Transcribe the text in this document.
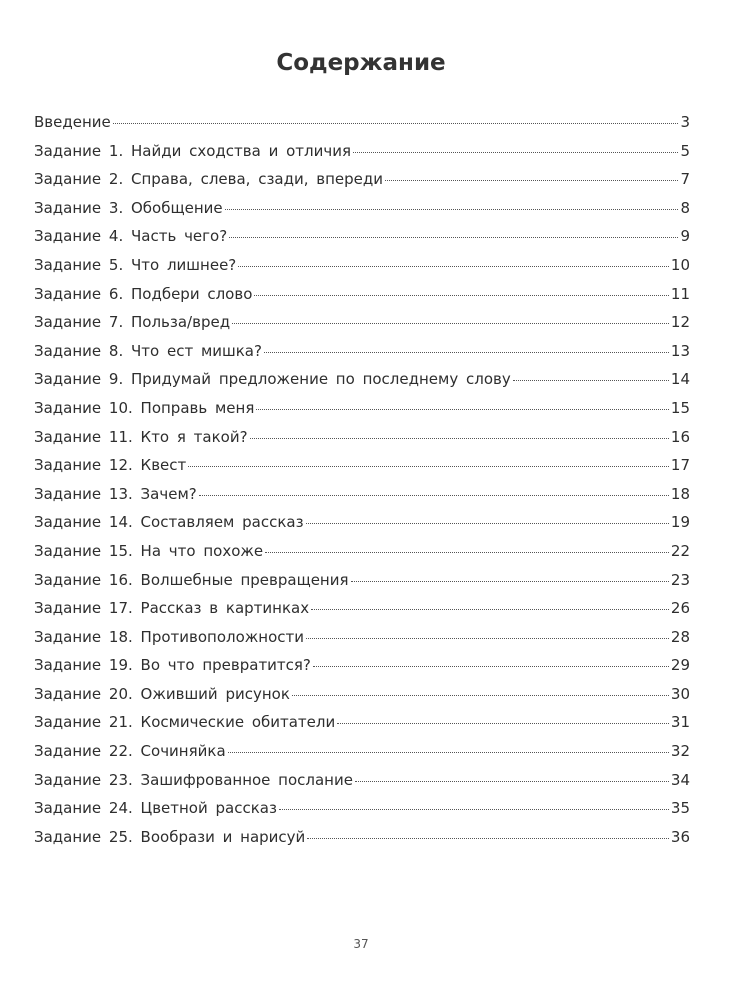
Содержание
Введение	3
Задание 1. Найди сходства и отличия	5
Задание 2. Справа, слева, сзади, впереди	7
Задание 3. Обобщение	8
Задание 4. Часть чего?	9
Задание 5. Что лишнее?	10
Задание 6. Подбери слово	11
Задание 7. Польза/вред	12
Задание 8. Что ест мишка?	13
Задание 9. Придумай предложение по последнему слову	14
Задание 10. Поправь меня	15
Задание 11. Кто я такой?	16
Задание 12. Квест	17
Задание 13. Зачем?	18
Задание 14. Составляем рассказ	19
Задание 15. На что похоже	22
Задание 16. Волшебные превращения	23
Задание 17. Рассказ в картинках	26
Задание 18. Противоположности	28
Задание 19. Во что превратится?	29
Задание 20. Оживший рисунок	30
Задание 21. Космические обитатели	31
Задание 22. Сочиняйка	32
Задание 23. Зашифрованное послание	34
Задание 24. Цветной рассказ	35
Задание 25. Вообрази и нарисуй	36
37
